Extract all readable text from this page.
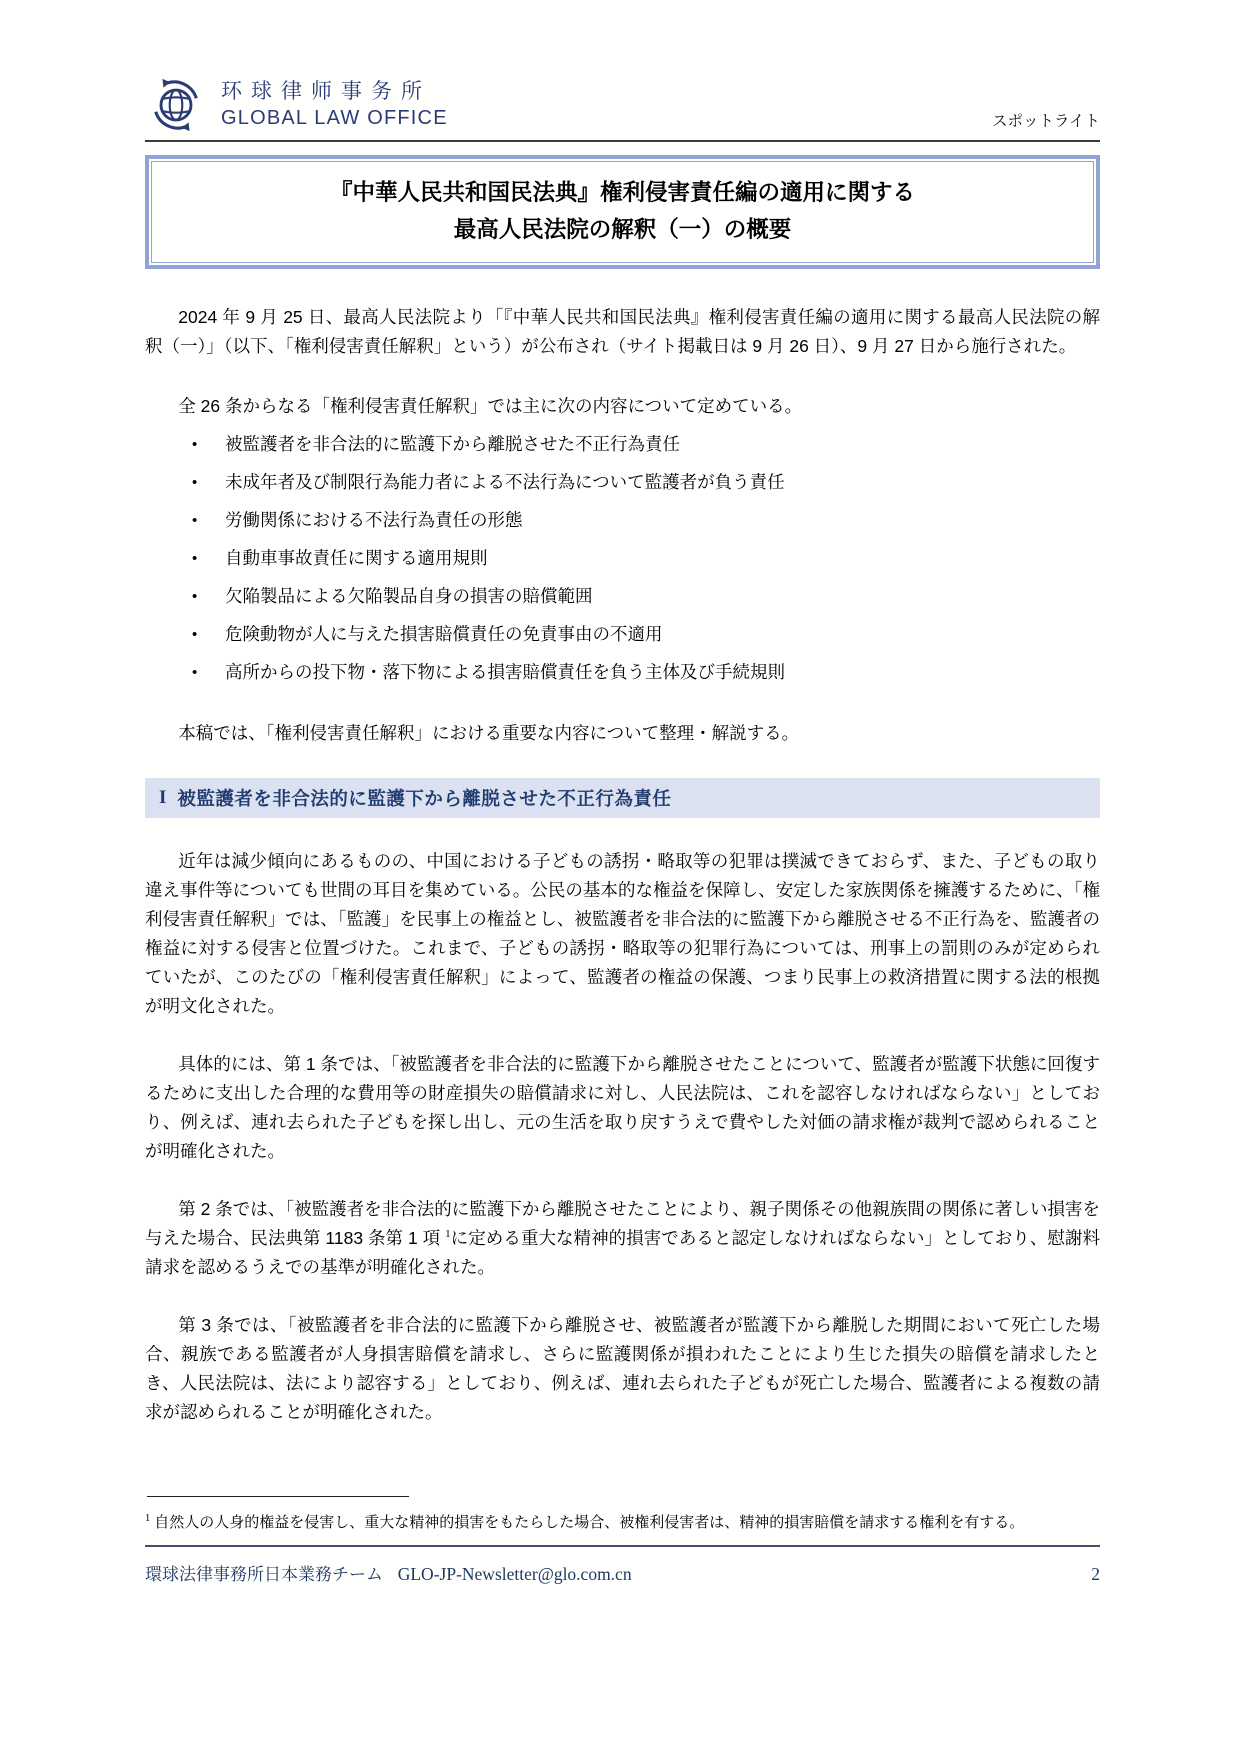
环球律师事务所
GLOBAL LAW OFFICE	スポットライト
『中華人民共和国民法典』権利侵害責任編の適用に関する
最高人民法院の解釈（一）の概要

2024 年 9 月 25 日、最高人民法院より「『中華人民共和国民法典』権利侵害責任編の適用に関する最高人民法院の解釈（一）」（以下、「権利侵害責任解釈」という）が公布され（サイト掲載日は 9 月 26 日）、9 月 27 日から施行された。

全 26 条からなる「権利侵害責任解釈」では主に次の内容について定めている。

• 被監護者を非合法的に監護下から離脱させた不正行為責任
• 未成年者及び制限行為能力者による不法行為について監護者が負う責任
• 労働関係における不法行為責任の形態
• 自動車事故責任に関する適用規則
• 欠陥製品による欠陥製品自身の損害の賠償範囲
• 危険動物が人に与えた損害賠償責任の免責事由の不適用
• 高所からの投下物・落下物による損害賠償責任を負う主体及び手続規則

本稿では、「権利侵害責任解釈」における重要な内容について整理・解説する。

I 被監護者を非合法的に監護下から離脱させた不正行為責任

近年は減少傾向にあるものの、中国における子どもの誘拐・略取等の犯罪は撲滅できておらず、また、子どもの取り違え事件等についても世間の耳目を集めている。公民の基本的な権益を保障し、安定した家族関係を擁護するために、「権利侵害責任解釈」では、「監護」を民事上の権益とし、被監護者を非合法的に監護下から離脱させる不正行為を、監護者の権益に対する侵害と位置づけた。これまで、子どもの誘拐・略取等の犯罪行為については、刑事上の罰則のみが定められていたが、このたびの「権利侵害責任解釈」によって、監護者の権益の保護、つまり民事上の救済措置に関する法的根拠が明文化された。

具体的には、第 1 条では、「被監護者を非合法的に監護下から離脱させたことについて、監護者が監護下状態に回復するために支出した合理的な費用等の財産損失の賠償請求に対し、人民法院は、これを認容しなければならない」としており、例えば、連れ去られた子どもを探し出し、元の生活を取り戻すうえで費やした対価の請求権が裁判で認められることが明確化された。

第 2 条では、「被監護者を非合法的に監護下から離脱させたことにより、親子関係その他親族間の関係に著しい損害を与えた場合、民法典第 1183 条第 1 項 $^1$に定める重大な精神的損害であると認定しなければならない」としており、慰謝料請求を認めるうえでの基準が明確化された。

第 3 条では、「被監護者を非合法的に監護下から離脱させ、被監護者が監護下から離脱した期間において死亡した場合、親族である監護者が人身損害賠償を請求し、さらに監護関係が損われたことにより生じた損失の賠償を請求したとき、人民法院は、法により認容する」としており、例えば、連れ去られた子どもが死亡した場合、監護者による複数の請求が認められることが明確化された。

$^1$ 自然人の人身的権益を侵害し、重大な精神的損害をもたらした場合、被権利侵害者は、精神的損害賠償を請求する権利を有する。

環球法律事務所日本業務チーム GLO-JP-Newsletter@glo.com.cn	2
